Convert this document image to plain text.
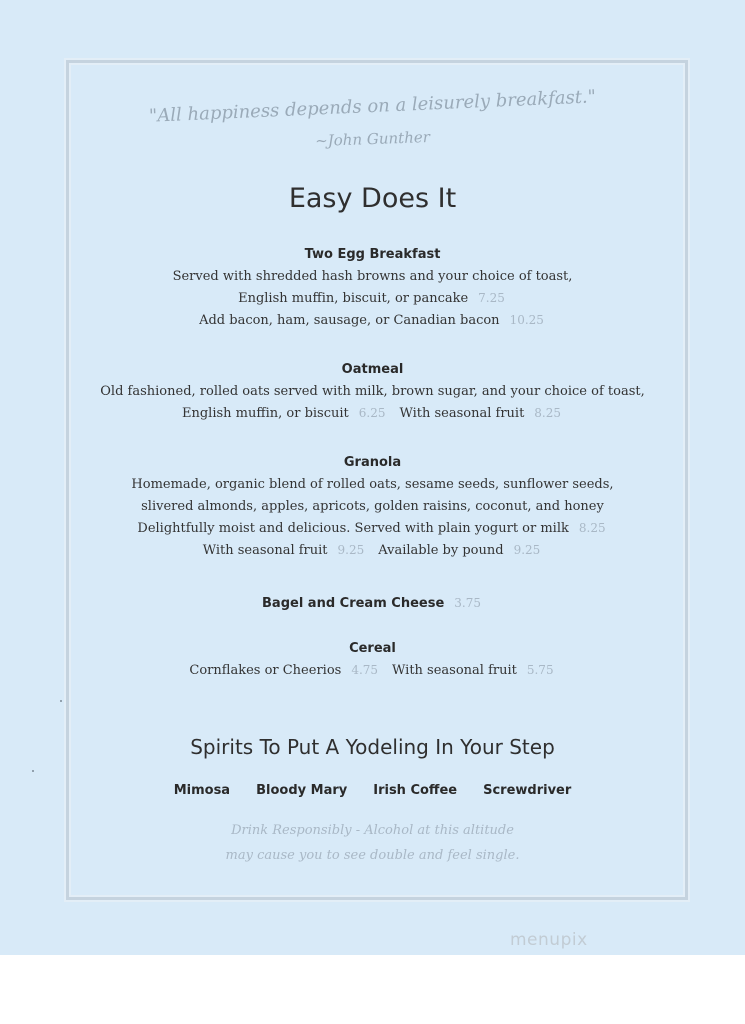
"All happiness depends on a leisurely breakfast."
~John Gunther
Easy Does It
Two Egg Breakfast
Served with shredded hash browns and your choice of toast,
English muffin, biscuit, or pancake 7.25
Add bacon, ham, sausage, or Canadian bacon 10.25
Oatmeal
Old fashioned, rolled oats served with milk, brown sugar, and your choice of toast,
English muffin, or biscuit 6.25 With seasonal fruit 8.25
Granola
Homemade, organic blend of rolled oats, sesame seeds, sunflower seeds,
slivered almonds, apples, apricots, golden raisins, coconut, and honey
Delightfully moist and delicious. Served with plain yogurt or milk 8.25
With seasonal fruit 9.25 Available by pound 9.25
Bagel and Cream Cheese 3.75
Cereal
Cornflakes or Cheerios 4.75 With seasonal fruit 5.75
Spirits To Put A Yodeling In Your Step
Mimosa Bloody Mary Irish Coffee Screwdriver
Drink Responsibly - Alcohol at this altitude
may cause you to see double and feel single.
menupix
